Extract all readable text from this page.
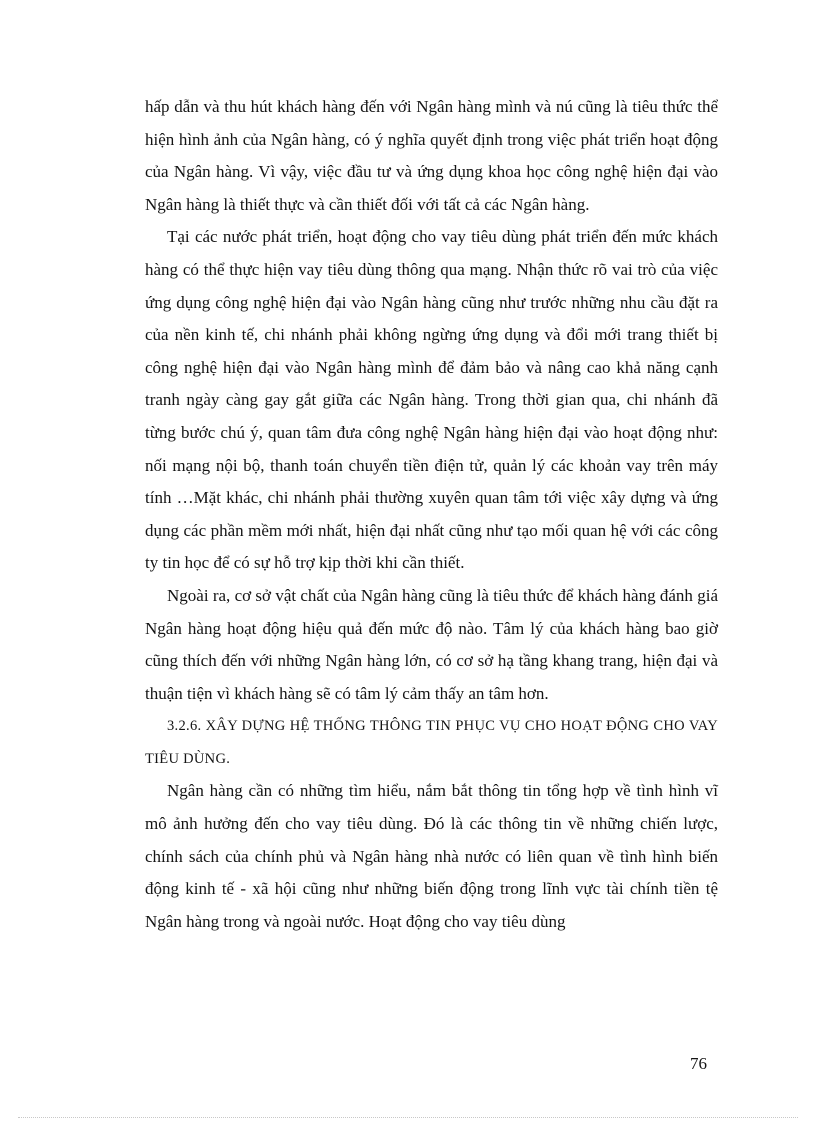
hấp dẫn và thu hút khách hàng đến với Ngân hàng mình và nú cũng là tiêu thức thể hiện hình ảnh của Ngân hàng, có ý nghĩa quyết định trong việc phát triển hoạt động của Ngân hàng. Vì vậy, việc đầu tư và ứng dụng khoa học công nghệ hiện đại vào Ngân hàng là thiết thực và cần thiết đối với tất cả các Ngân hàng.

Tại các nước phát triển, hoạt động cho vay tiêu dùng phát triển đến mức khách hàng có thể thực hiện vay tiêu dùng thông qua mạng. Nhận thức rõ vai trò của việc ứng dụng công nghệ hiện đại vào Ngân hàng cũng như trước những nhu cầu đặt ra của nền kinh tế, chi nhánh phải không ngừng ứng dụng và đổi mới trang thiết bị công nghệ hiện đại vào Ngân hàng mình để đảm bảo và nâng cao khả năng cạnh tranh ngày càng gay gắt giữa các Ngân hàng. Trong thời gian qua, chi nhánh đã từng bước chú ý, quan tâm đưa công nghệ Ngân hàng hiện đại vào hoạt động như: nối mạng nội bộ, thanh toán chuyển tiền điện tử, quản lý các khoản vay trên máy tính …Mặt khác, chi nhánh phải thường xuyên quan tâm tới việc xây dựng và ứng dụng các phần mềm mới nhất, hiện đại nhất cũng như tạo mối quan hệ với các công ty tin học để có sự hỗ trợ kịp thời khi cần thiết.

Ngoài ra, cơ sở vật chất của Ngân hàng cũng là tiêu thức để khách hàng đánh giá Ngân hàng hoạt động hiệu quả đến mức độ nào. Tâm lý của khách hàng bao giờ cũng thích đến với những Ngân hàng lớn, có cơ sở hạ tầng khang trang, hiện đại và thuận tiện vì khách hàng sẽ có tâm lý cảm thấy an tâm hơn.

3.2.6. XÂY DỰNG HỆ THỐNG THÔNG TIN PHỤC VỤ CHO HOẠT ĐỘNG CHO VAY TIÊU DÙNG.

Ngân hàng cần có những tìm hiểu, nắm bắt thông tin tổng hợp về tình hình vĩ mô ảnh hưởng đến cho vay tiêu dùng. Đó là các thông tin về những chiến lược, chính sách của chính phủ và Ngân hàng nhà nước có liên quan về tình hình biến động kinh tế - xã hội cũng như những biến động trong lĩnh vực tài chính tiền tệ Ngân hàng trong và ngoài nước. Hoạt động cho vay tiêu dùng

76
